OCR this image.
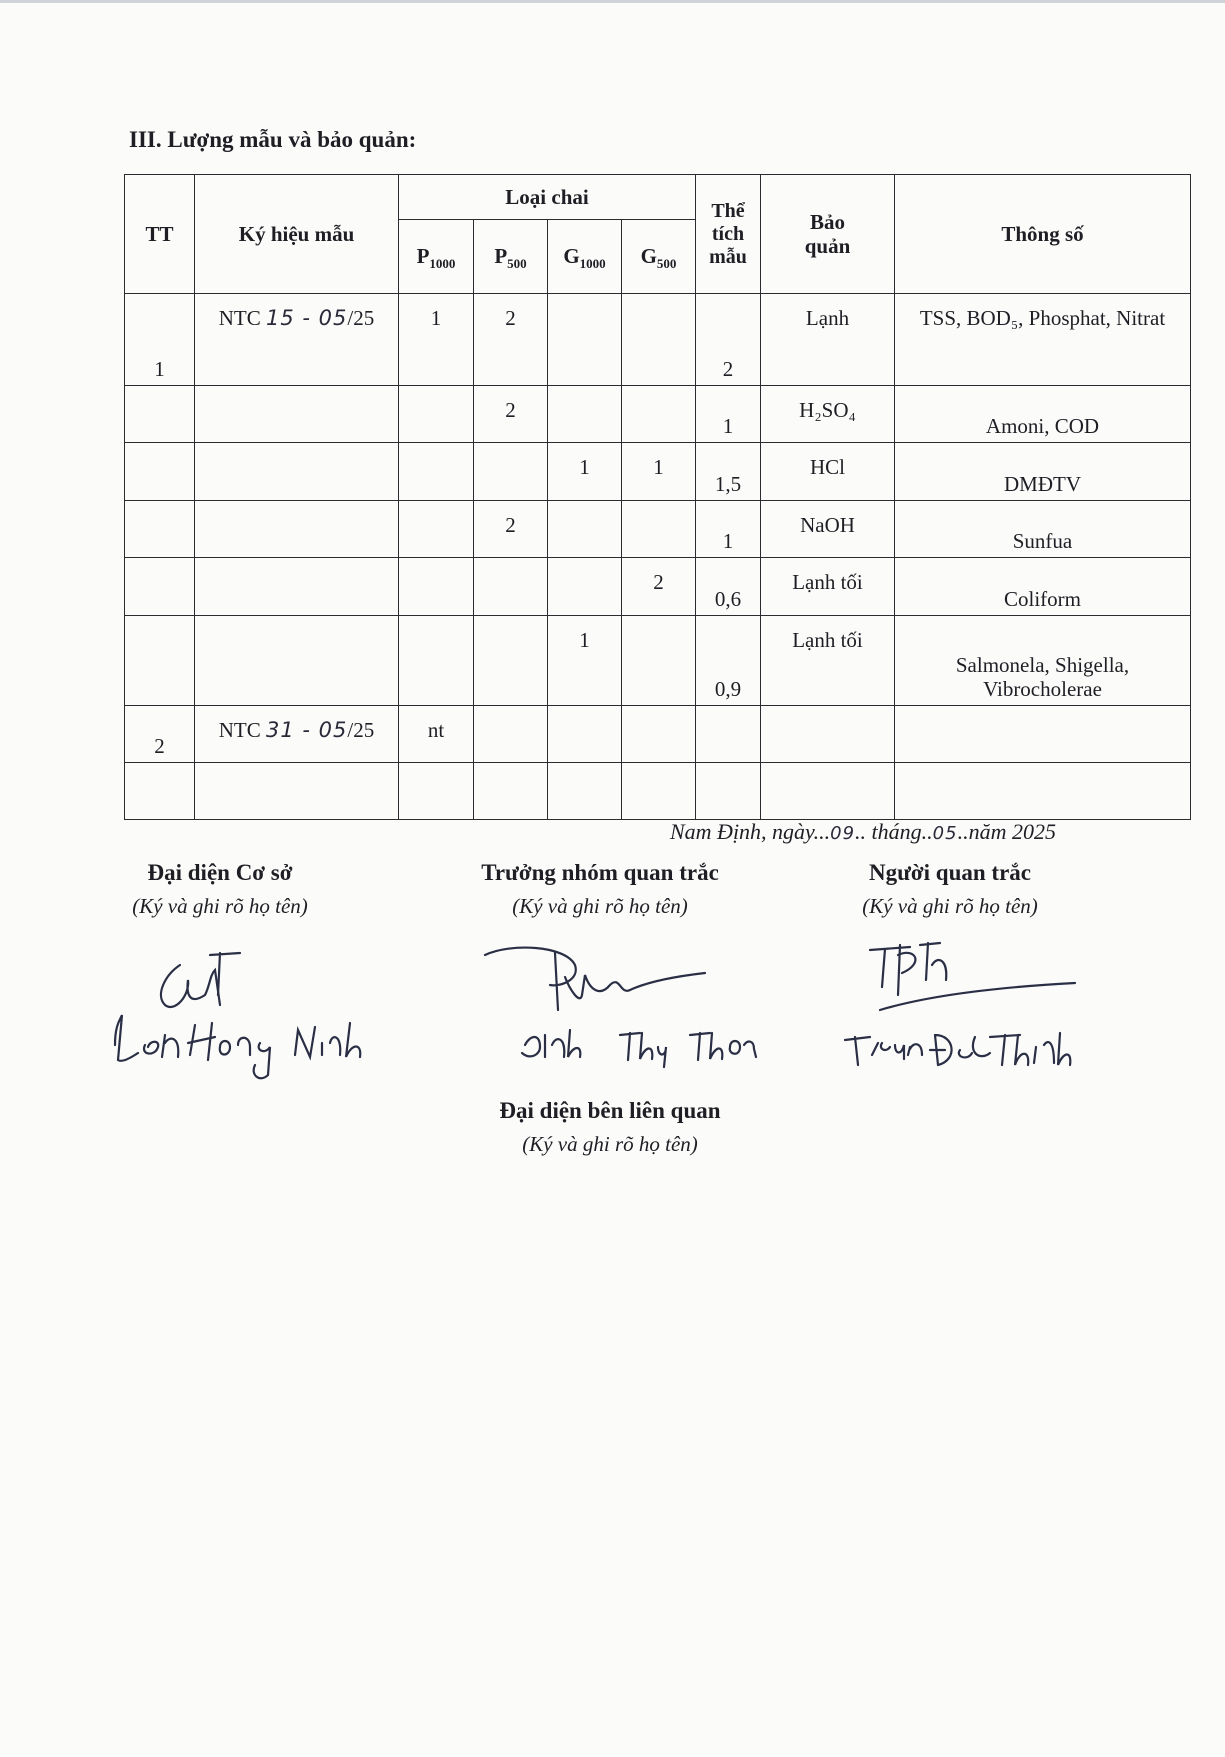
III. Lượng mẫu và bảo quản:
TT	Ký hiệu mẫu	Loại chai				Thể tích mẫu	Bảo quản	Thông số
		$P_{1000}$	$P_{500}$	$G_{1000}$	$G_{500}$
1	NTC 15 - 05/25	1	2			2	Lạnh	TSS, BOD₅, Phosphat, Nitrat
			2			1	H₂SO₄	Amoni, COD
				1	1	1,5	HCl	DMĐTV
			2			1	NaOH	Sunfua
					2	0,6	Lạnh tối	Coliform
				1		0,9	Lạnh tối	Salmonela, Shigella, Vibrocholerae
2	NTC 31 - 05/25	nt						

Nam Định, ngày...09.. tháng..05..năm 2025
Đại diện Cơ sở
(Ký và ghi rõ họ tên)
Trưởng nhóm quan trắc
(Ký và ghi rõ họ tên)
Người quan trắc
(Ký và ghi rõ họ tên)
Đại diện bên liên quan
(Ký và ghi rõ họ tên)
